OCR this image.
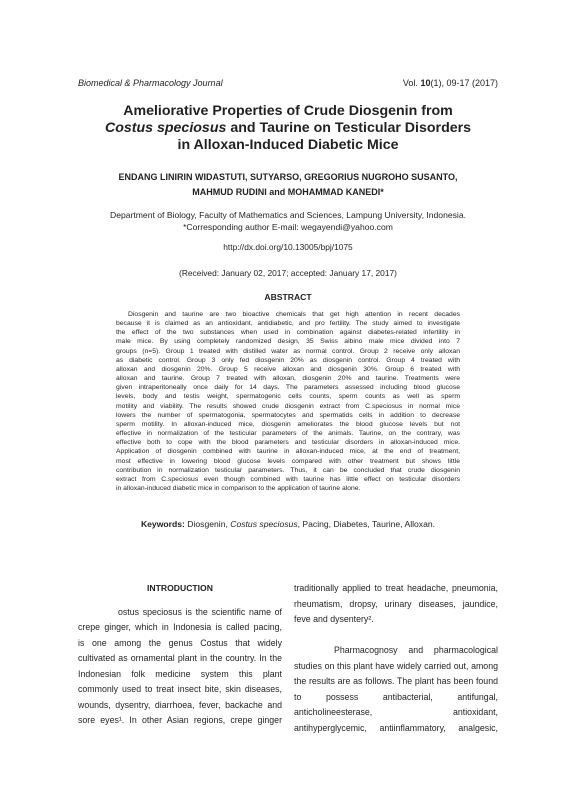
Biomedical & Pharmacology Journal	Vol. 10(1), 09-17 (2017)
Ameliorative Properties of Crude Diosgenin from
Costus speciosus and Taurine on Testicular Disorders
in Alloxan-Induced Diabetic Mice
ENDANG LINIRIN WIDASTUTI, SUTYARSO, GREGORIUS NUGROHO SUSANTO,
MAHMUD RUDINI and MOHAMMAD KANEDI*
Department of Biology, Faculty of Mathematics and Sciences, Lampung University, Indonesia.
*Corresponding author E-mail: wegayendi@yahoo.com
http://dx.doi.org/10.13005/bpj/1075
(Received: January 02, 2017; accepted: January 17, 2017)
ABSTRACT
Diosgenin and taurine are two bioactive chemicals that get high attention in recent decades
because it is claimed as an antioxidant, antidiabetic, and pro fertility. The study aimed to investigate
the effect of the two substances when used in combination against diabetes-related infertility in
male mice. By using completely randomized design, 35 Swiss albino male mice divided into 7
groups (n=5). Group 1 treated with distilled water as normal control. Group 2 receive only alloxan
as diabetic control. Group 3 only fed diosgenin 20% as diosgenin control. Group 4 treated with
alloxan and diosgenin 20%. Group 5 receive alloxan and diosgenin 30%. Group 6 treated with
alloxan and taurine. Group 7 treated with alloxan, diosgenin 20% and taurine. Treatments were
given intraperitoneally once daily for 14 days. The parameters assessed including blood glucose
levels, body and testis weight, spermatogenic cells counts, sperm counts as well as sperm
motility and viability. The results showed crude diosgenin extract from C.speciosus in normal mice
lowers the number of spermatogonia, spermatocytes and spermatids cells in addition to decrease
sperm motility. In alloxan-induced mice, diosgenin ameliorates the blood glucose levels but not
effective in normalization of the testicular parameters of the animals. Taurine, on the contrary, was
effective both to cope with the blood parameters and testicular disorders in alloxan-induced mice.
Application of diosgenin combined with taurine in alloxan-induced mice, at the end of treatment,
most effective in lowering blood glucose levels compared with other treatment but shows little
contribution in normalization testicular parameters. Thus, it can be concluded that crude diosgenin
extract from C.speciosus even though combined with taurine has little effect on testicular disorders
in alloxan-induced diabetic mice in comparison to the application of taurine alone.
Keywords: Diosgenin, Costus speciosus, Pacing, Diabetes, Taurine, Alloxan.
INTRODUCTION
ostus speciosus is the scientific name of
crepe ginger, which in Indonesia is called pacing,
is one among the genus Costus that widely
cultivated as ornamental plant in the country. In the
Indonesian folk medicine system this plant
commonly used to treat insect bite, skin diseases,
wounds, dysentry, diarrhoea, fever, backache and
sore eyes¹. In other Asian regions, crepe ginger
traditionally applied to treat headache, pneumonia,
rheumatism, dropsy, urinary diseases, jaundice,
feve and dysentery².
Pharmacognosy and pharmacological
studies on this plant have widely carried out, among
the results are as follows. The plant has been found
to possess antibacterial, antifungal,
anticholineesterase, antioxidant,
antihyperglycemic, antiinflammatory, analgesic,
